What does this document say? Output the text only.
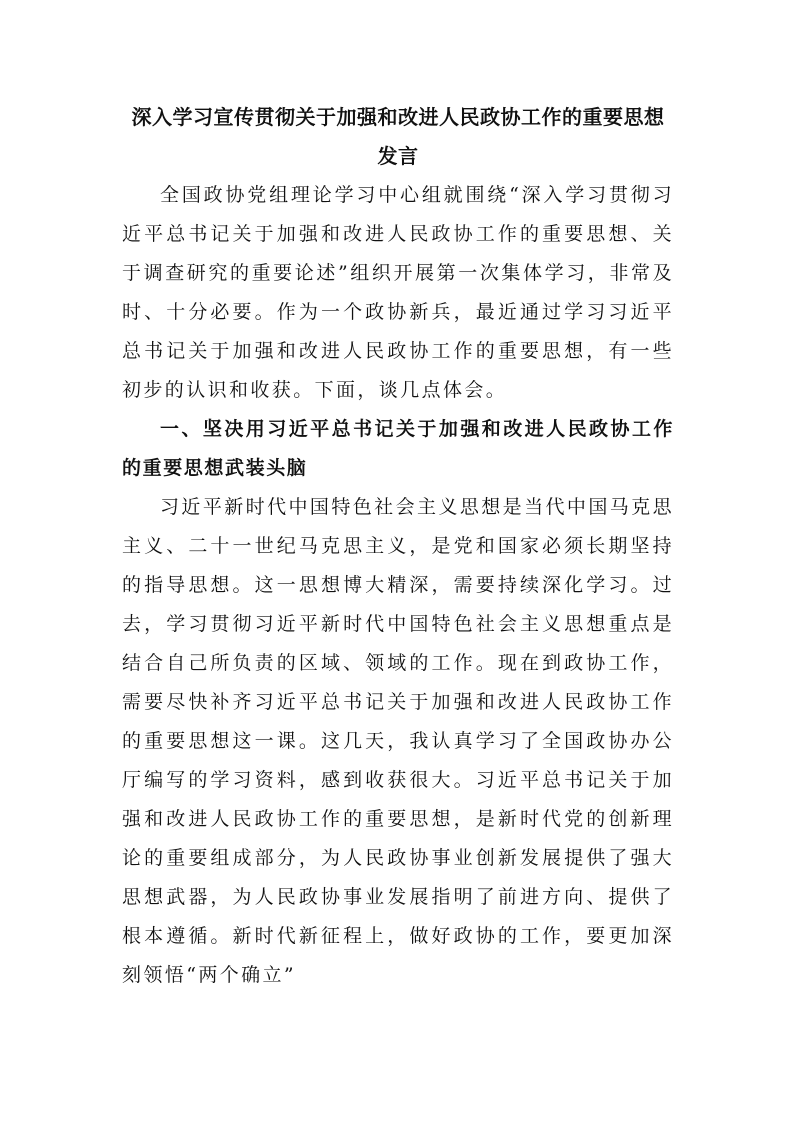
深入学习宣传贯彻关于加强和改进人民政协工作的重要思想发言

全国政协党组理论学习中心组就围绕“深入学习贯彻习近平总书记关于加强和改进人民政协工作的重要思想、关于调查研究的重要论述”组织开展第一次集体学习，非常及时、十分必要。作为一个政协新兵，最近通过学习习近平总书记关于加强和改进人民政协工作的重要思想，有一些初步的认识和收获。下面，谈几点体会。

一、坚决用习近平总书记关于加强和改进人民政协工作的重要思想武装头脑

习近平新时代中国特色社会主义思想是当代中国马克思主义、二十一世纪马克思主义，是党和国家必须长期坚持的指导思想。这一思想博大精深，需要持续深化学习。过去，学习贯彻习近平新时代中国特色社会主义思想重点是结合自己所负责的区域、领域的工作。现在到政协工作，需要尽快补齐习近平总书记关于加强和改进人民政协工作的重要思想这一课。这几天，我认真学习了全国政协办公厅编写的学习资料，感到收获很大。习近平总书记关于加强和改进人民政协工作的重要思想，是新时代党的创新理论的重要组成部分，为人民政协事业创新发展提供了强大思想武器，为人民政协事业发展指明了前进方向、提供了根本遵循。新时代新征程上，做好政协的工作，要更加深刻领悟“两个确立”
